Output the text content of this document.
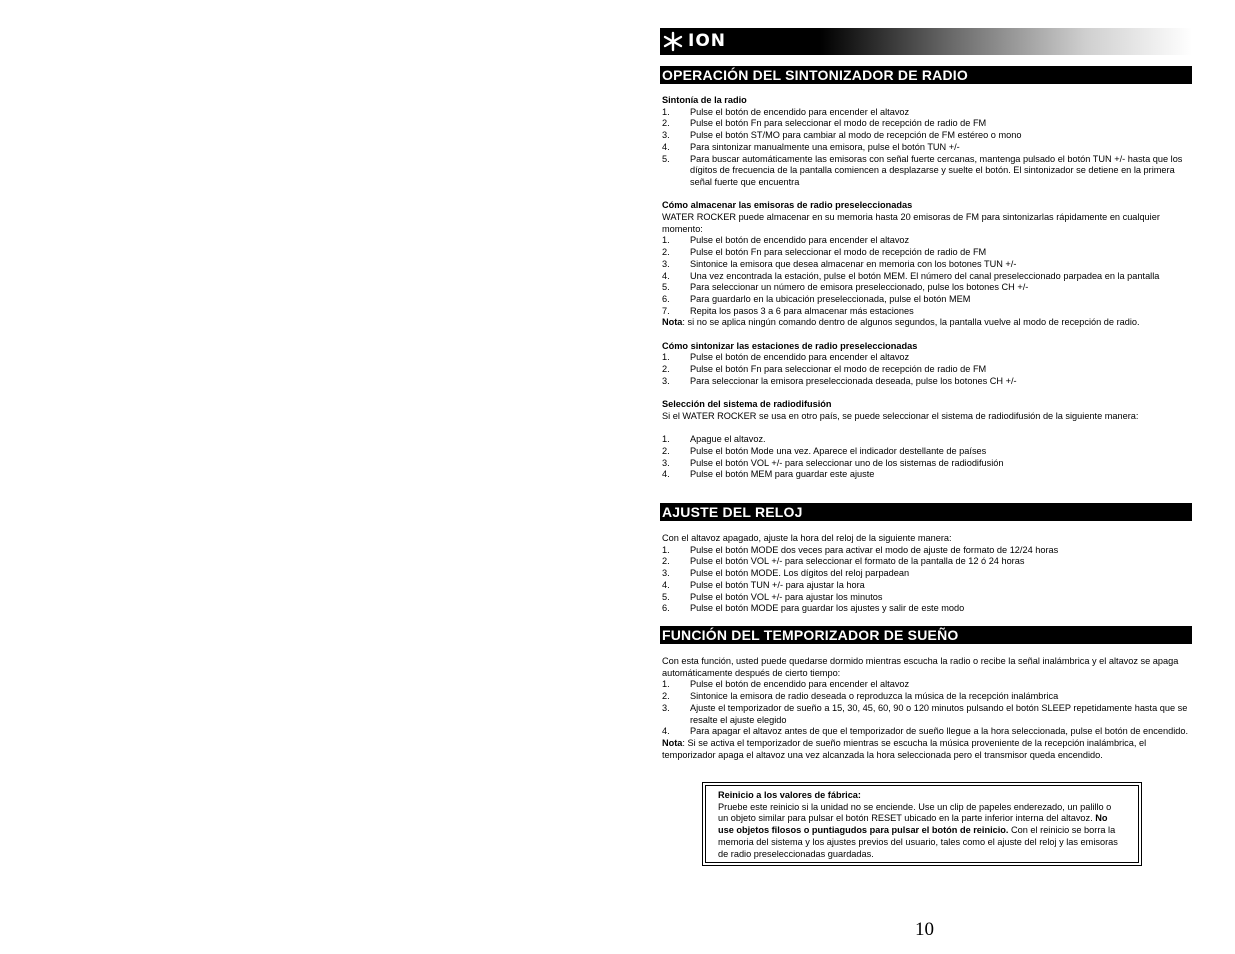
ION
OPERACIÓN DEL SINTONIZADOR DE RADIO
Sintonía de la radio
1.	Pulse el botón de encendido para encender el altavoz
2.	Pulse el botón Fn para seleccionar el modo de recepción de radio de FM
3.	Pulse el botón ST/MO para cambiar al modo de recepción de FM estéreo o mono
4.	Para sintonizar manualmente una emisora, pulse el botón TUN +/-
5.	Para buscar automáticamente las emisoras con señal fuerte cercanas, mantenga pulsado el botón TUN +/- hasta que los dígitos de frecuencia de la pantalla comiencen a desplazarse y suelte el botón. El sintonizador se detiene en la primera señal fuerte que encuentra
Cómo almacenar las emisoras de radio preseleccionadas

WATER ROCKER puede almacenar en su memoria hasta 20 emisoras de FM para sintonizarlas rápidamente en cualquier momento:

1.	Pulse el botón de encendido para encender el altavoz
2.	Pulse el botón Fn para seleccionar el modo de recepción de radio de FM
3.	Sintonice la emisora que desea almacenar en memoria con los botones TUN +/-
4.	Una vez encontrada la estación, pulse el botón MEM. El número del canal preseleccionado parpadea en la pantalla
5.	Para seleccionar un número de emisora preseleccionado, pulse los botones CH +/-
6.	Para guardarlo en la ubicación preseleccionada, pulse el botón MEM
7.	Repita los pasos 3 a 6 para almacenar más estaciones

Nota: si no se aplica ningún comando dentro de algunos segundos, la pantalla vuelve al modo de recepción de radio.

Cómo sintonizar las estaciones de radio preseleccionadas
1.	Pulse el botón de encendido para encender el altavoz
2.	Pulse el botón Fn para seleccionar el modo de recepción de radio de FM
3.	Para seleccionar la emisora preseleccionada deseada, pulse los botones CH +/-
Selección del sistema de radiodifusión

Si el WATER ROCKER se usa en otro país, se puede seleccionar el sistema de radiodifusión de la siguiente manera:

1.	Apague el altavoz.
2.	Pulse el botón Mode una vez. Aparece el indicador destellante de países
3.	Pulse el botón VOL +/- para seleccionar uno de los sistemas de radiodifusión
4.	Pulse el botón MEM para guardar este ajuste
AJUSTE DEL RELOJ

Con el altavoz apagado, ajuste la hora del reloj de la siguiente manera:

1.	Pulse el botón MODE dos veces para activar el modo de ajuste de formato de 12/24 horas
2.	Pulse el botón VOL +/- para seleccionar el formato de la pantalla de 12 ó 24 horas
3.	Pulse el botón MODE. Los dígitos del reloj parpadean
4.	Pulse el botón TUN +/- para ajustar la hora
5.	Pulse el botón VOL +/- para ajustar los minutos
6.	Pulse el botón MODE para guardar los ajustes y salir de este modo
FUNCIÓN DEL TEMPORIZADOR DE SUEÑO

Con esta función, usted puede quedarse dormido mientras escucha la radio o recibe la señal inalámbrica y el altavoz se apaga automáticamente después de cierto tiempo:

1.	Pulse el botón de encendido para encender el altavoz
2.	Sintonice la emisora de radio deseada o reproduzca la música de la recepción inalámbrica
3.	Ajuste el temporizador de sueño a 15, 30, 45, 60, 90 o 120 minutos pulsando el botón SLEEP repetidamente hasta que se resalte el ajuste elegido
4.	Para apagar el altavoz antes de que el temporizador de sueño llegue a la hora seleccionada, pulse el botón de encendido.

Nota: Si se activa el temporizador de sueño mientras se escucha la música proveniente de la recepción inalámbrica, el temporizador apaga el altavoz una vez alcanzada la hora seleccionada pero el transmisor queda encendido.

Reinicio a los valores de fábrica:

Pruebe este reinicio si la unidad no se enciende. Use un clip de papeles enderezado, un palillo o un objeto similar para pulsar el botón RESET ubicado en la parte inferior interna del altavoz. No use objetos filosos o puntiagudos para pulsar el botón de reinicio. Con el reinicio se borra la memoria del sistema y los ajustes previos del usuario, tales como el ajuste del reloj y las emisoras de radio preseleccionadas guardadas.

10
